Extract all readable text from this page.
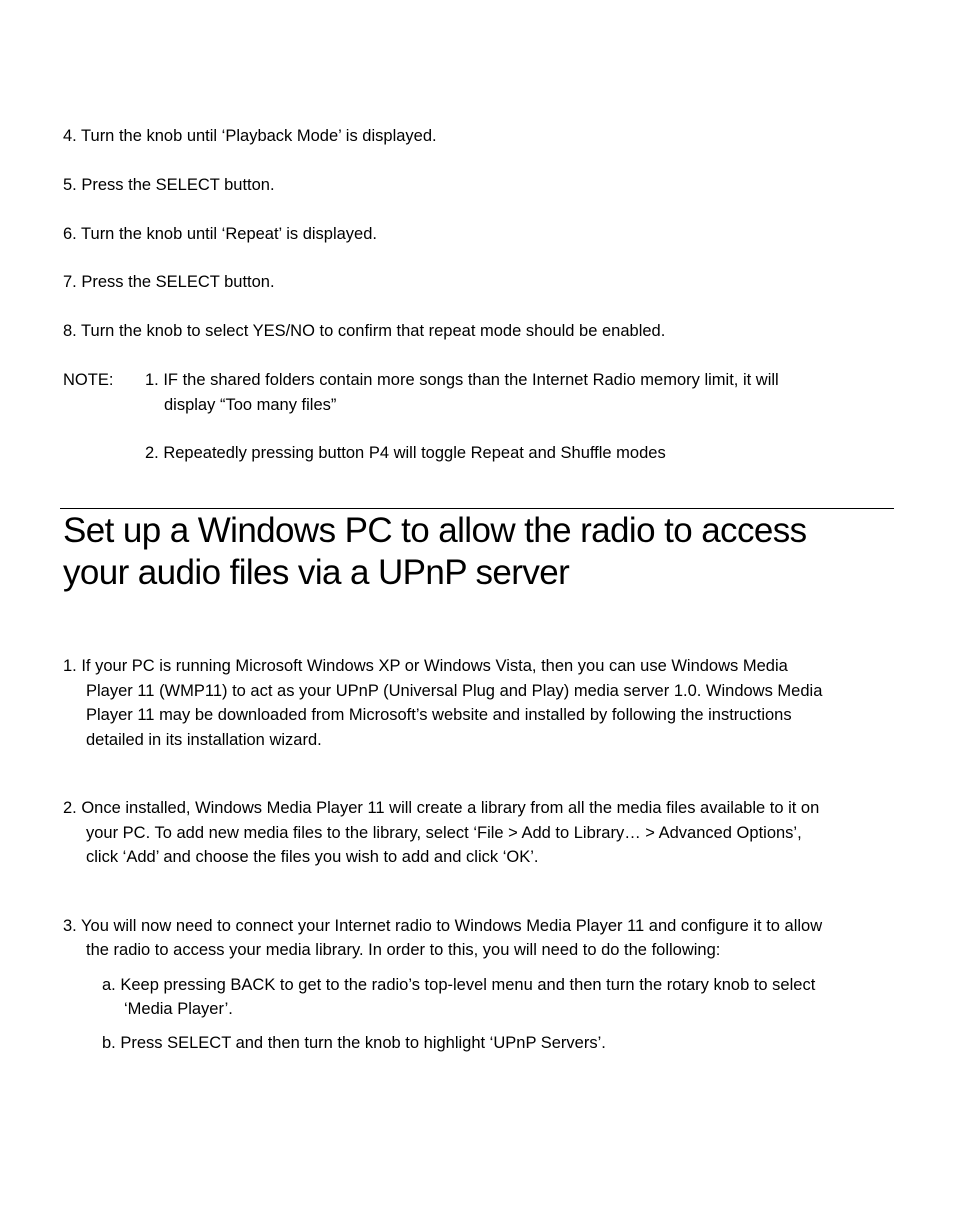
4. Turn the knob until ‘Playback Mode’ is displayed.
5. Press the SELECT button.
6. Turn the knob until ‘Repeat’ is displayed.
7. Press the SELECT button.
8. Turn the knob to select YES/NO to confirm that repeat mode should be enabled.
NOTE: 1. IF the shared folders contain more songs than the Internet Radio memory limit, it will
display “Too many files”
2. Repeatedly pressing button P4 will toggle Repeat and Shuffle modes
Set up a Windows PC to allow the radio to access
your audio files via a UPnP server
1. If your PC is running Microsoft Windows XP or Windows Vista, then you can use Windows Media
Player 11 (WMP11) to act as your UPnP (Universal Plug and Play) media server 1.0. Windows Media
Player 11 may be downloaded from Microsoft’s website and installed by following the instructions
detailed in its installation wizard.
2. Once installed, Windows Media Player 11 will create a library from all the media files available to it on
your PC. To add new media files to the library, select ‘File > Add to Library… > Advanced Options’,
click ‘Add’ and choose the files you wish to add and click ‘OK’.
3. You will now need to connect your Internet radio to Windows Media Player 11 and configure it to allow
the radio to access your media library. In order to this, you will need to do the following:
a. Keep pressing BACK to get to the radio’s top-level menu and then turn the rotary knob to select
‘Media Player’.
b. Press SELECT and then turn the knob to highlight ‘UPnP Servers’.
